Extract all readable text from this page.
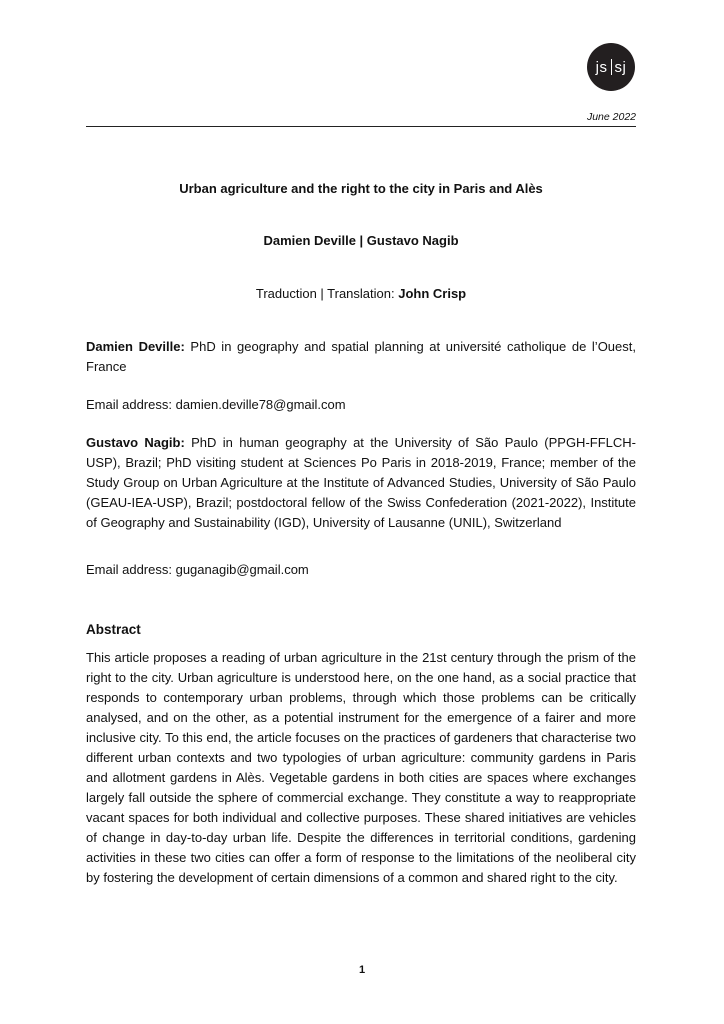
js sj
June 2022
Urban agriculture and the right to the city in Paris and Alès
Damien Deville | Gustavo Nagib
Traduction | Translation: John Crisp
Damien Deville: PhD in geography and spatial planning at université catholique de l’Ouest, France
Email address: damien.deville78@gmail.com
Gustavo Nagib: PhD in human geography at the University of São Paulo (PPGH-FFLCH-USP), Brazil; PhD visiting student at Sciences Po Paris in 2018-2019, France; member of the Study Group on Urban Agriculture at the Institute of Advanced Studies, University of São Paulo (GEAU-IEA-USP), Brazil; postdoctoral fellow of the Swiss Confederation (2021-2022), Institute of Geography and Sustainability (IGD), University of Lausanne (UNIL), Switzerland
Email address: guganagib@gmail.com
Abstract
This article proposes a reading of urban agriculture in the 21st century through the prism of the right to the city. Urban agriculture is understood here, on the one hand, as a social practice that responds to contemporary urban problems, through which those problems can be critically analysed, and on the other, as a potential instrument for the emergence of a fairer and more inclusive city. To this end, the article focuses on the practices of gardeners that characterise two different urban contexts and two typologies of urban agriculture: community gardens in Paris and allotment gardens in Alès. Vegetable gardens in both cities are spaces where exchanges largely fall outside the sphere of commercial exchange. They constitute a way to reappropriate vacant spaces for both individual and collective purposes. These shared initiatives are vehicles of change in day-to-day urban life. Despite the differences in territorial conditions, gardening activities in these two cities can offer a form of response to the limitations of the neoliberal city by fostering the development of certain dimensions of a common and shared right to the city.
1
